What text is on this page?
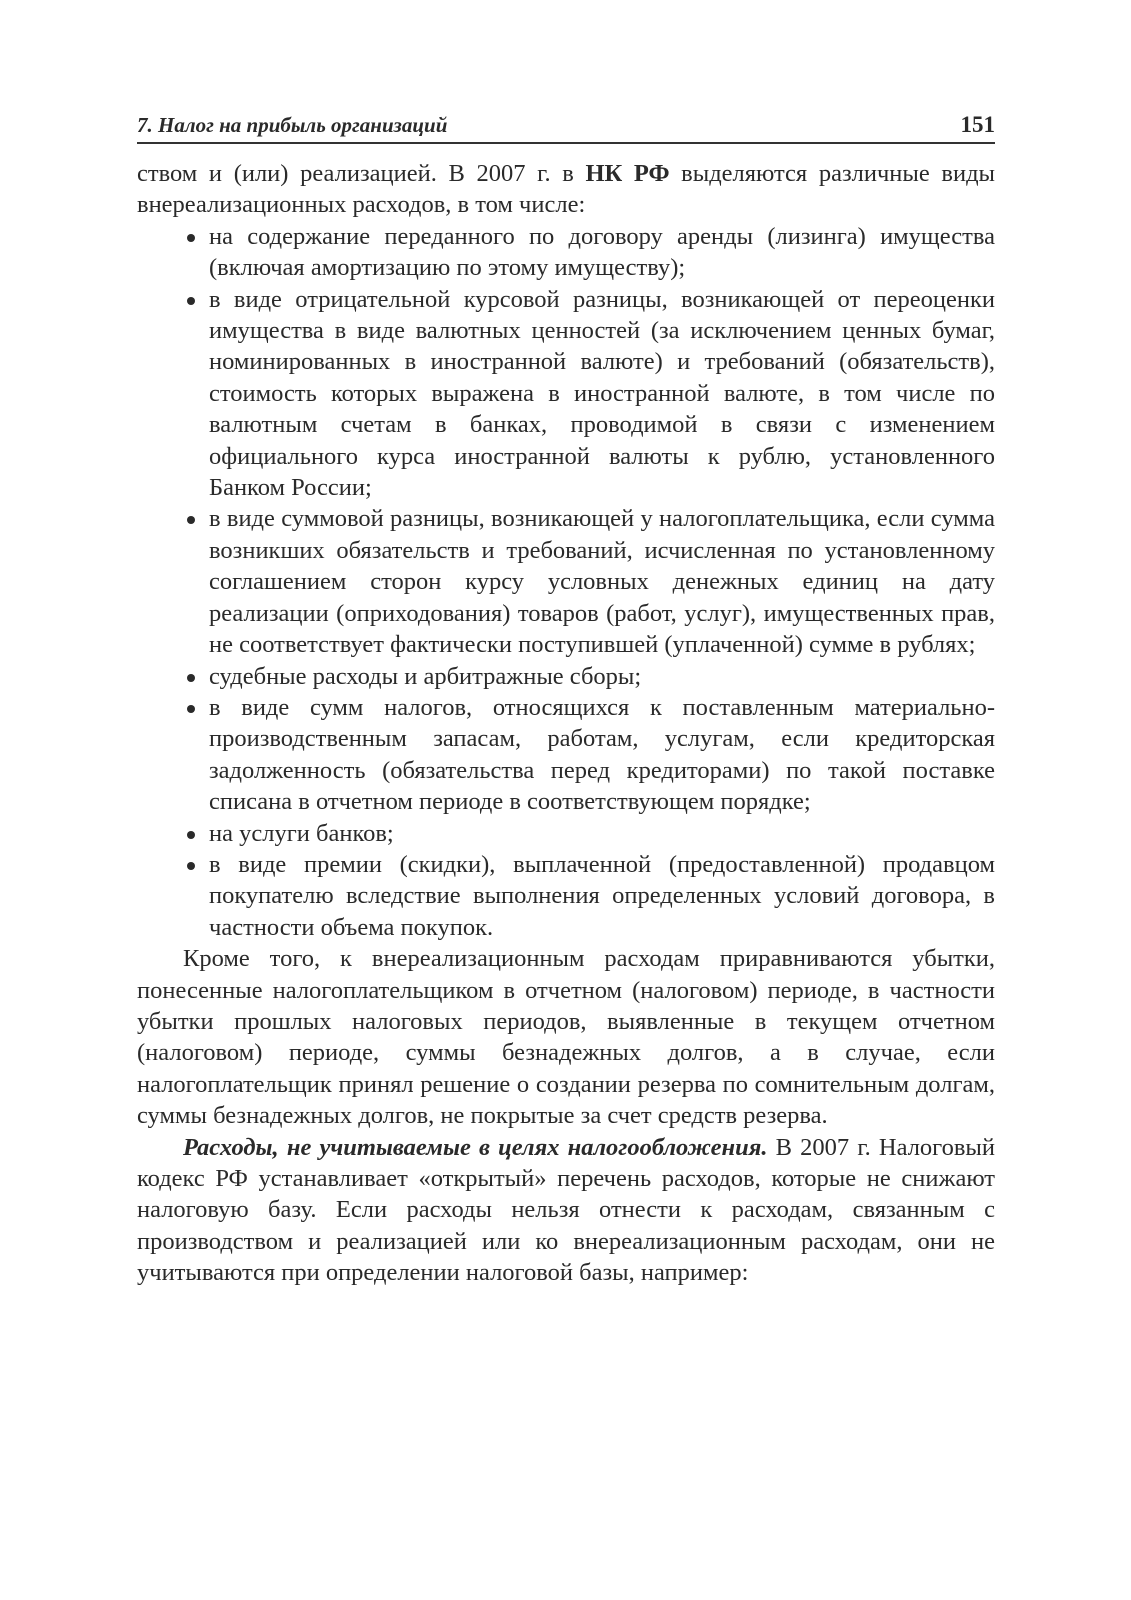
7. Налог на прибыль организаций	151

ством и (или) реализацией. В 2007 г. в НК РФ выделяются различные виды внереализационных расходов, в том числе:

на содержание переданного по договору аренды (лизинга) имущества (включая амортизацию по этому имуществу);
в виде отрицательной курсовой разницы, возникающей от переоценки имущества в виде валютных ценностей (за исключением ценных бумаг, номинированных в иностранной валюте) и требований (обязательств), стоимость которых выражена в иностранной валюте, в том числе по валютным счетам в банках, проводимой в связи с изменением официального курса иностранной валюты к рублю, установленного Банком России;
в виде суммовой разницы, возникающей у налогоплательщика, если сумма возникших обязательств и требований, исчисленная по установленному соглашением сторон курсу условных денежных единиц на дату реализации (оприходования) товаров (работ, услуг), имущественных прав, не соответствует фактически поступившей (уплаченной) сумме в рублях;
судебные расходы и арбитражные сборы;
в виде сумм налогов, относящихся к поставленным материально-производственным запасам, работам, услугам, если кредиторская задолженность (обязательства перед кредиторами) по такой поставке списана в отчетном периоде в соответствующем порядке;
на услуги банков;
в виде премии (скидки), выплаченной (предоставленной) продавцом покупателю вследствие выполнения определенных условий договора, в частности объема покупок.

Кроме того, к внереализационным расходам приравниваются убытки, понесенные налогоплательщиком в отчетном (налоговом) периоде, в частности убытки прошлых налоговых периодов, выявленные в текущем отчетном (налоговом) периоде, суммы безнадежных долгов, а в случае, если налогоплательщик принял решение о создании резерва по сомнительным долгам, суммы безнадежных долгов, не покрытые за счет средств резерва.

Расходы, не учитываемые в целях налогообложения. В 2007 г. Налоговый кодекс РФ устанавливает «открытый» перечень расходов, которые не снижают налоговую базу. Если расходы нельзя отнести к расходам, связанным с производством и реализацией или ко внереализационным расходам, они не учитываются при определении налоговой базы, например:
